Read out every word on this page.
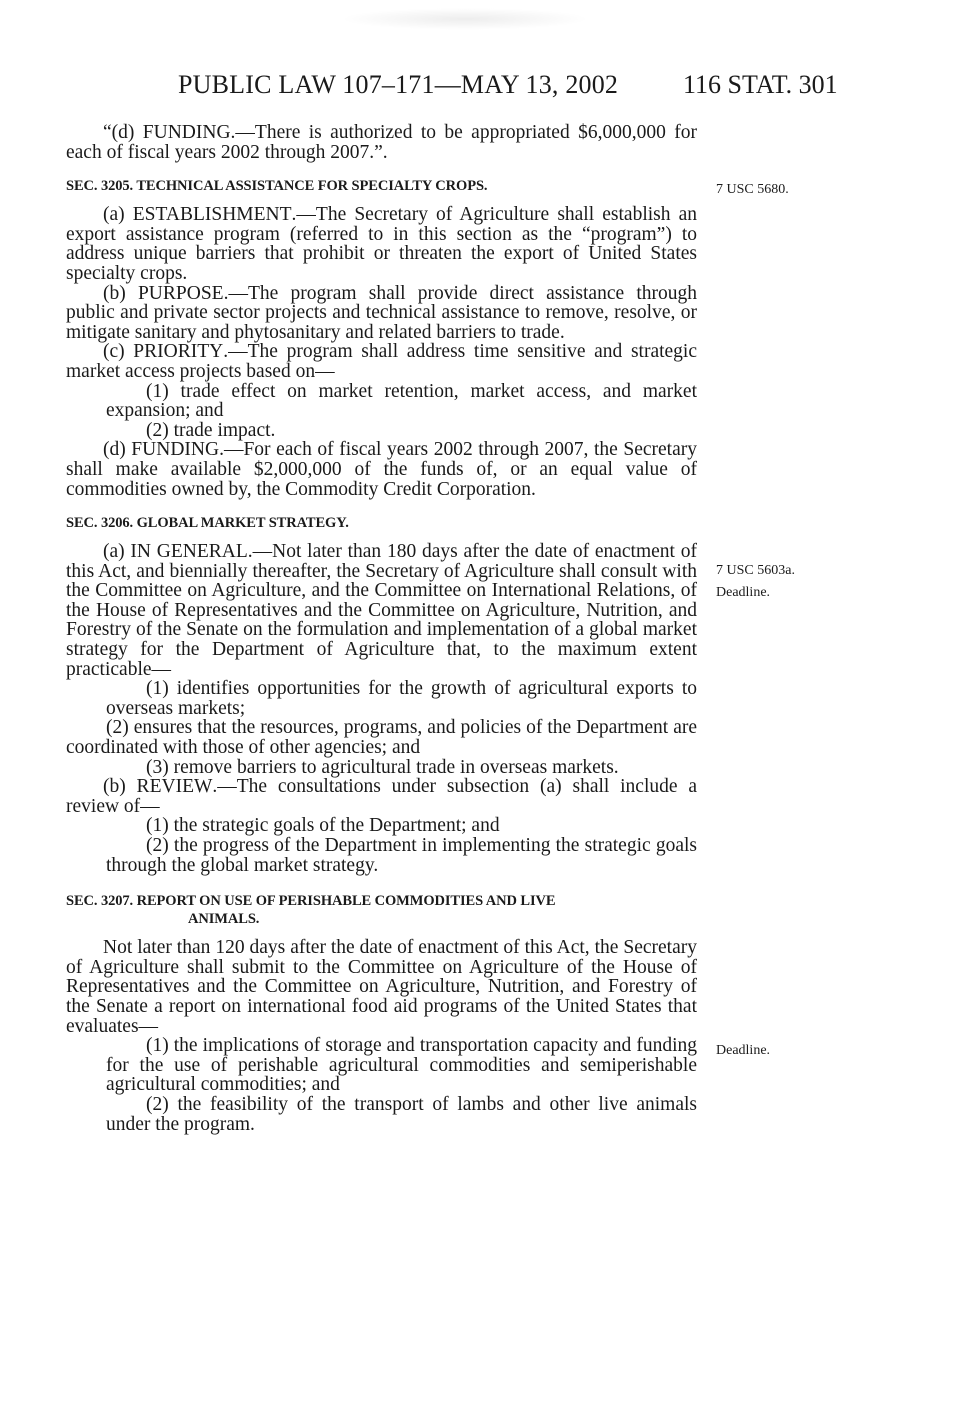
PUBLIC LAW 107–171—MAY 13, 2002 116 STAT. 301
7 USC 5680.
7 USC 5603a.
Deadline.
Deadline.

“(d) FUNDING.—There is authorized to be appropriated $6,000,000 for each of fiscal years 2002 through 2007.”.

SEC. 3205. TECHNICAL ASSISTANCE FOR SPECIALTY CROPS.

(a) ESTABLISHMENT.—The Secretary of Agriculture shall establish an export assistance program (referred to in this section as the “program”) to address unique barriers that prohibit or threaten the export of United States specialty crops.

(b) PURPOSE.—The program shall provide direct assistance through public and private sector projects and technical assistance to remove, resolve, or mitigate sanitary and phytosanitary and related barriers to trade.

(c) PRIORITY.—The program shall address time sensitive and strategic market access projects based on—

(1) trade effect on market retention, market access, and market expansion; and

(2) trade impact.

(d) FUNDING.—For each of fiscal years 2002 through 2007, the Secretary shall make available $2,000,000 of the funds of, or an equal value of commodities owned by, the Commodity Credit Corporation.

SEC. 3206. GLOBAL MARKET STRATEGY.

(a) IN GENERAL.—Not later than 180 days after the date of enactment of this Act, and biennially thereafter, the Secretary of Agriculture shall consult with the Committee on Agriculture, and the Committee on International Relations, of the House of Representatives and the Committee on Agriculture, Nutrition, and Forestry of the Senate on the formulation and implementation of a global market strategy for the Department of Agriculture that, to the maximum extent practicable—

(1) identifies opportunities for the growth of agricultural exports to overseas markets;

(2) ensures that the resources, programs, and policies of the Department are coordinated with those of other agencies; and

(3) remove barriers to agricultural trade in overseas markets.

(b) REVIEW.—The consultations under subsection (a) shall include a review of—

(1) the strategic goals of the Department; and

(2) the progress of the Department in implementing the strategic goals through the global market strategy.

SEC. 3207. REPORT ON USE OF PERISHABLE COMMODITIES AND LIVE
ANIMALS.

Not later than 120 days after the date of enactment of this Act, the Secretary of Agriculture shall submit to the Committee on Agriculture of the House of Representatives and the Committee on Agriculture, Nutrition, and Forestry of the Senate a report on international food aid programs of the United States that evaluates—

(1) the implications of storage and transportation capacity and funding for the use of perishable agricultural commodities and semiperishable agricultural commodities; and

(2) the feasibility of the transport of lambs and other live animals under the program.
